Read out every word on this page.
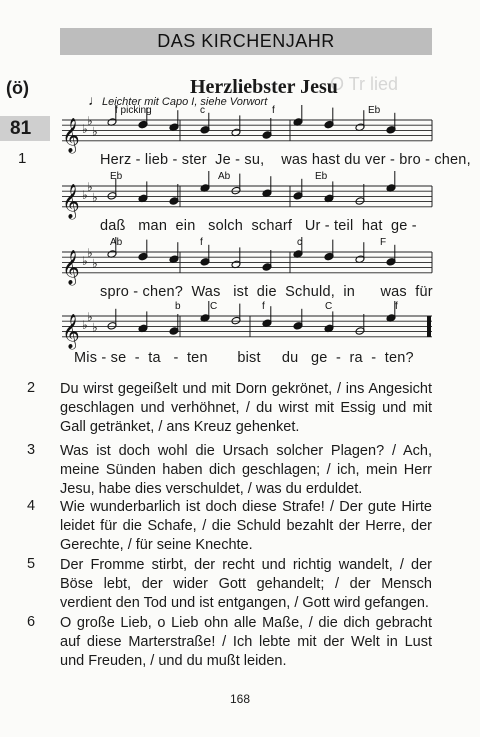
DAS KIRCHENJAHR
O Tr lied
(ö)
81
1
Herzliebster Jesu
♩ Leichter mit Capo I, siehe Vorwort
𝄞 ♭
♭
♭
𝄞 ♭
♭
♭
𝄞 ♭
♭
♭
𝄞 ♭
♭
♭
f picking	c	f	Eb
Eb	Ab	Eb
Ab	f	c	F
b	C	f	C	f
Herz - lieb - ster  Je - su,    was hast du ver - bro - chen,
daß   man  ein   solch  scharf   Ur - teil  hat  ge -
spro - chen?  Was   ist  die  Schuld,  in      was  für
Mis - se  -  ta   -  ten       bist     du   ge  -  ra  -  ten?
2 Du wirst gegeißelt und mit Dorn gekrönet, / ins Angesicht geschlagen und verhöhnet, / du wirst mit Essig und mit Gall getränket, / ans Kreuz gehenket.
3 Was ist doch wohl die Ursach solcher Plagen? / Ach, meine Sünden haben dich geschlagen; / ich, mein Herr Jesu, habe dies verschuldet, / was du erduldet.
4 Wie wunderbarlich ist doch diese Strafe! / Der gute Hirte leidet für die Schafe, / die Schuld bezahlt der Herre, der Gerechte, / für seine Knechte.
5 Der Fromme stirbt, der recht und richtig wandelt, / der Böse lebt, der wider Gott gehandelt; / der Mensch verdient den Tod und ist entgangen, / Gott wird gefangen.
6 O große Lieb, o Lieb ohn alle Maße, / die dich gebracht auf diese Marterstraße! / Ich lebte mit der Welt in Lust und Freuden, / und du mußt leiden.
168
